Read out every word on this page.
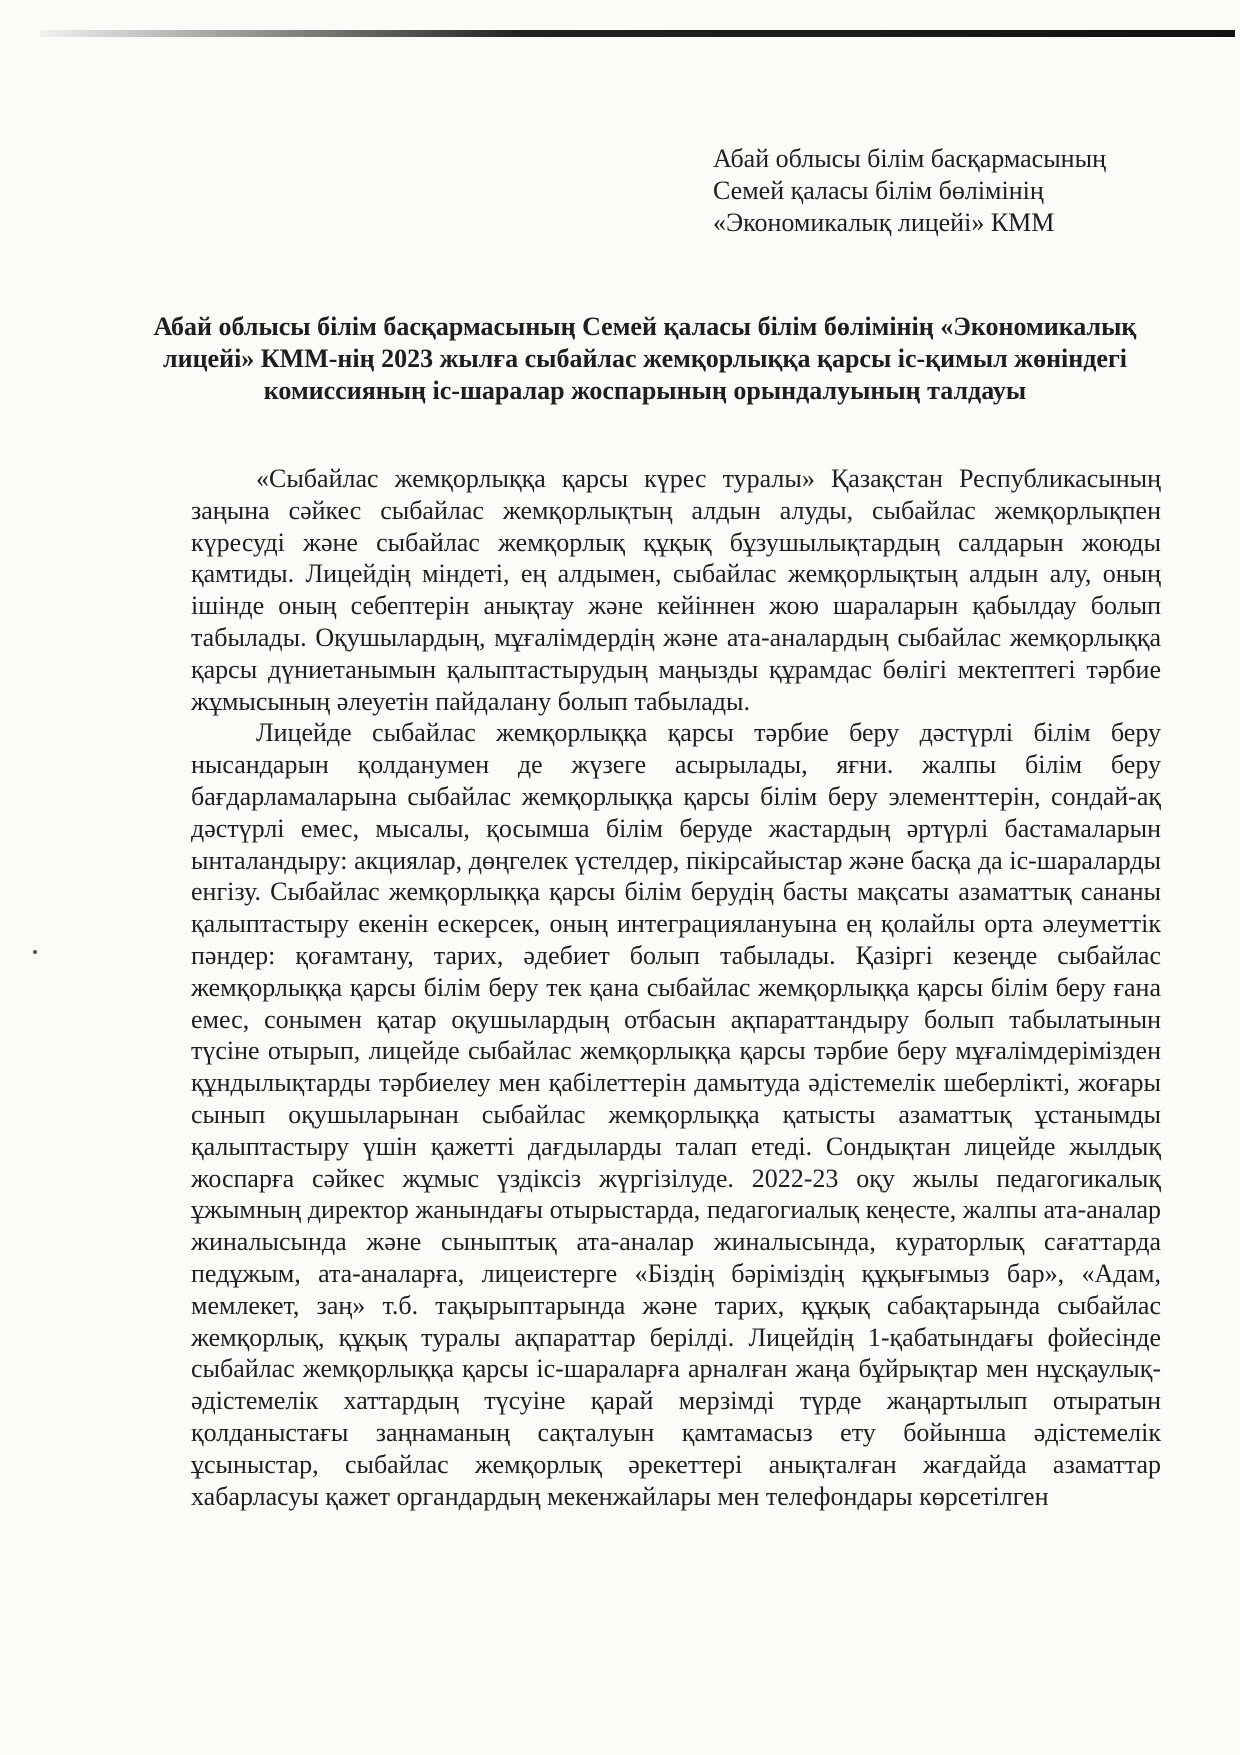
Абай облысы білім басқармасының
Семей қаласы білім бөлімінің
«Экономикалық лицейі» КММ
Абай облысы білім басқармасының Семей қаласы білім бөлімінің «Экономикалық лицейі» КММ-нің 2023 жылға сыбайлас жемқорлыққа қарсы іс-қимыл жөніндегі комиссияның іс-шаралар жоспарының орындалуының талдауы

«Сыбайлас жемқорлыққа қарсы күрес туралы» Қазақстан Республикасының заңына сәйкес сыбайлас жемқорлықтың алдын алуды, сыбайлас жемқорлықпен күресуді және сыбайлас жемқорлық құқық бұзушылықтардың салдарын жоюды қамтиды. Лицейдің міндеті, ең алдымен, сыбайлас жемқорлықтың алдын алу, оның ішінде оның себептерін анықтау және кейіннен жою шараларын қабылдау болып табылады. Оқушылардың, мұғалімдердің және ата-аналардың сыбайлас жемқорлыққа қарсы дүниетанымын қалыптастырудың маңызды құрамдас бөлігі мектептегі тәрбие жұмысының әлеуетін пайдалану болып табылады.

Лицейде сыбайлас жемқорлыққа қарсы тәрбие беру дәстүрлі білім беру нысандарын қолданумен де жүзеге асырылады, яғни. жалпы білім беру бағдарламаларына сыбайлас жемқорлыққа қарсы білім беру элементтерін, сондай-ақ дәстүрлі емес, мысалы, қосымша білім беруде жастардың әртүрлі бастамаларын ынталандыру: акциялар, дөңгелек үстелдер, пікірсайыстар және басқа да іс-шараларды енгізу. Сыбайлас жемқорлыққа қарсы білім берудің басты мақсаты азаматтық сананы қалыптастыру екенін ескерсек, оның интеграциялануына ең қолайлы орта әлеуметтік пәндер: қоғамтану, тарих, әдебиет болып табылады. Қазіргі кезеңде сыбайлас жемқорлыққа қарсы білім беру тек қана сыбайлас жемқорлыққа қарсы білім беру ғана емес, сонымен қатар оқушылардың отбасын ақпараттандыру болып табылатынын түсіне отырып, лицейде сыбайлас жемқорлыққа қарсы тәрбие беру мұғалімдерімізден құндылықтарды тәрбиелеу мен қабілеттерін дамытуда әдістемелік шеберлікті, жоғары сынып оқушыларынан сыбайлас жемқорлыққа қатысты азаматтық ұстанымды қалыптастыру үшін қажетті дағдыларды талап етеді. Сондықтан лицейде жылдық жоспарға сәйкес жұмыс үздіксіз жүргізілуде. 2022-23 оқу жылы педагогикалық ұжымның директор жанындағы отырыстарда, педагогиалық кеңесте, жалпы ата-аналар жиналысында және сыныптық ата-аналар жиналысында, кураторлық сағаттарда педұжым, ата-аналарға, лицеистерге «Біздің бәріміздің құқығымыз бар», «Адам, мемлекет, заң» т.б. тақырыптарында және тарих, құқық сабақтарында сыбайлас жемқорлық, құқық туралы ақпараттар берілді. Лицейдің 1-қабатындағы фойесінде сыбайлас жемқорлыққа қарсы іс-шараларға арналған жаңа бұйрықтар мен нұсқаулық-әдістемелік хаттардың түсуіне қарай мерзімді түрде жаңартылып отыратын қолданыстағы заңнаманың сақталуын қамтамасыз ету бойынша әдістемелік ұсыныстар, сыбайлас жемқорлық әрекеттері анықталған жағдайда азаматтар хабарласуы қажет органдардың мекенжайлары мен телефондары көрсетілген
